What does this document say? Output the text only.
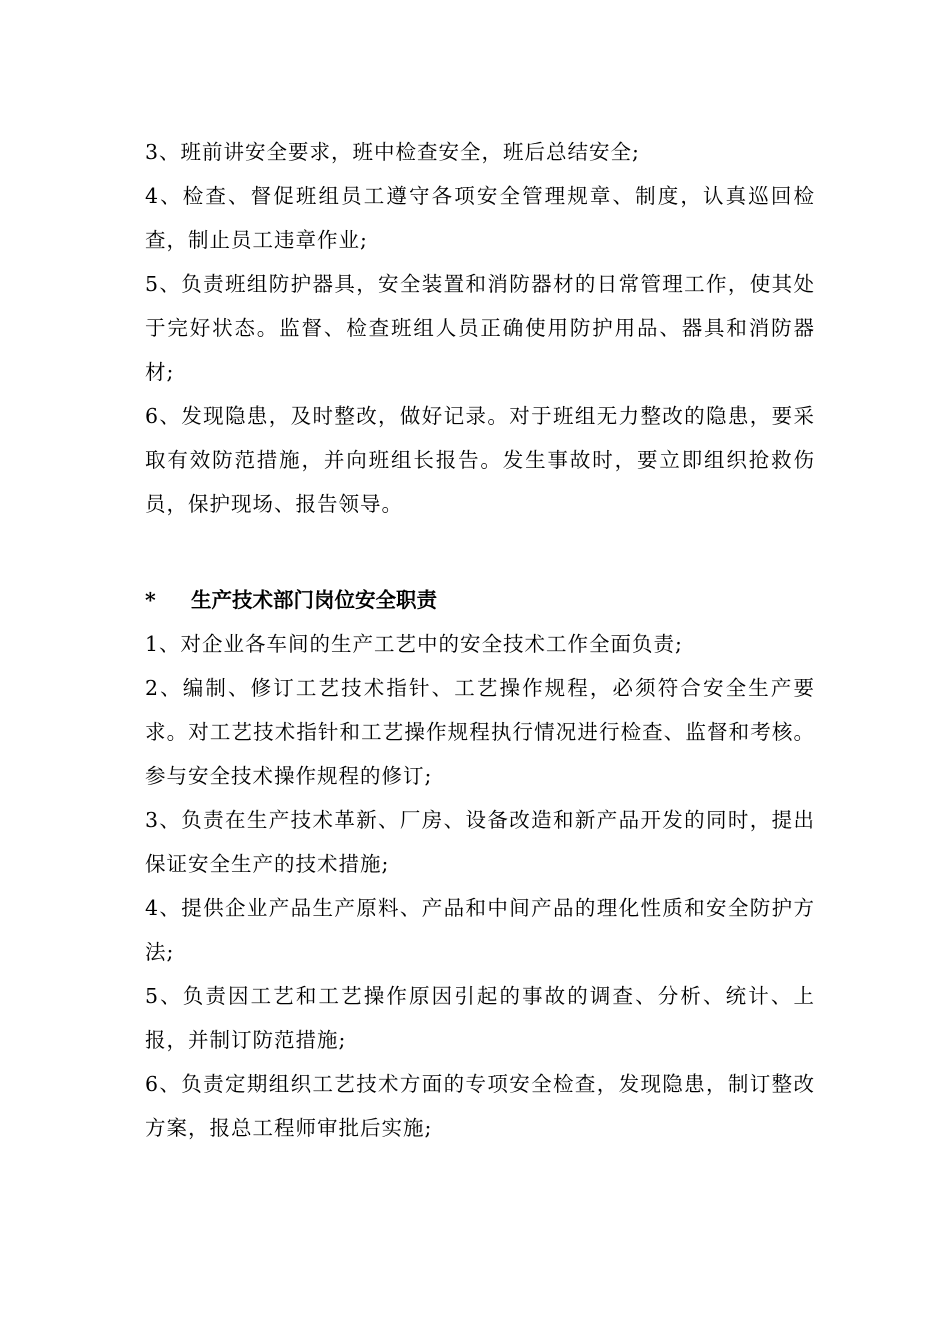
3、班前讲安全要求，班中检查安全，班后总结安全;

4、检查、督促班组员工遵守各项安全管理规章、制度，认真巡回检查，制止员工违章作业;

5、负责班组防护器具，安全装置和消防器材的日常管理工作，使其处于完好状态。监督、检查班组人员正确使用防护用品、器具和消防器材;

6、发现隐患，及时整改，做好记录。对于班组无力整改的隐患，要采取有效防范措施，并向班组长报告。发生事故时，要立即组织抢救伤员，保护现场、报告领导。

*	生产技术部门岗位安全职责

1、对企业各车间的生产工艺中的安全技术工作全面负责;

2、编制、修订工艺技术指针、工艺操作规程，必须符合安全生产要求。对工艺技术指针和工艺操作规程执行情况进行检查、监督和考核。参与安全技术操作规程的修订;

3、负责在生产技术革新、厂房、设备改造和新产品开发的同时，提出保证安全生产的技术措施;

4、提供企业产品生产原料、产品和中间产品的理化性质和安全防护方法;

5、负责因工艺和工艺操作原因引起的事故的调查、分析、统计、上报，并制订防范措施;

6、负责定期组织工艺技术方面的专项安全检查，发现隐患，制订整改方案，报总工程师审批后实施;
